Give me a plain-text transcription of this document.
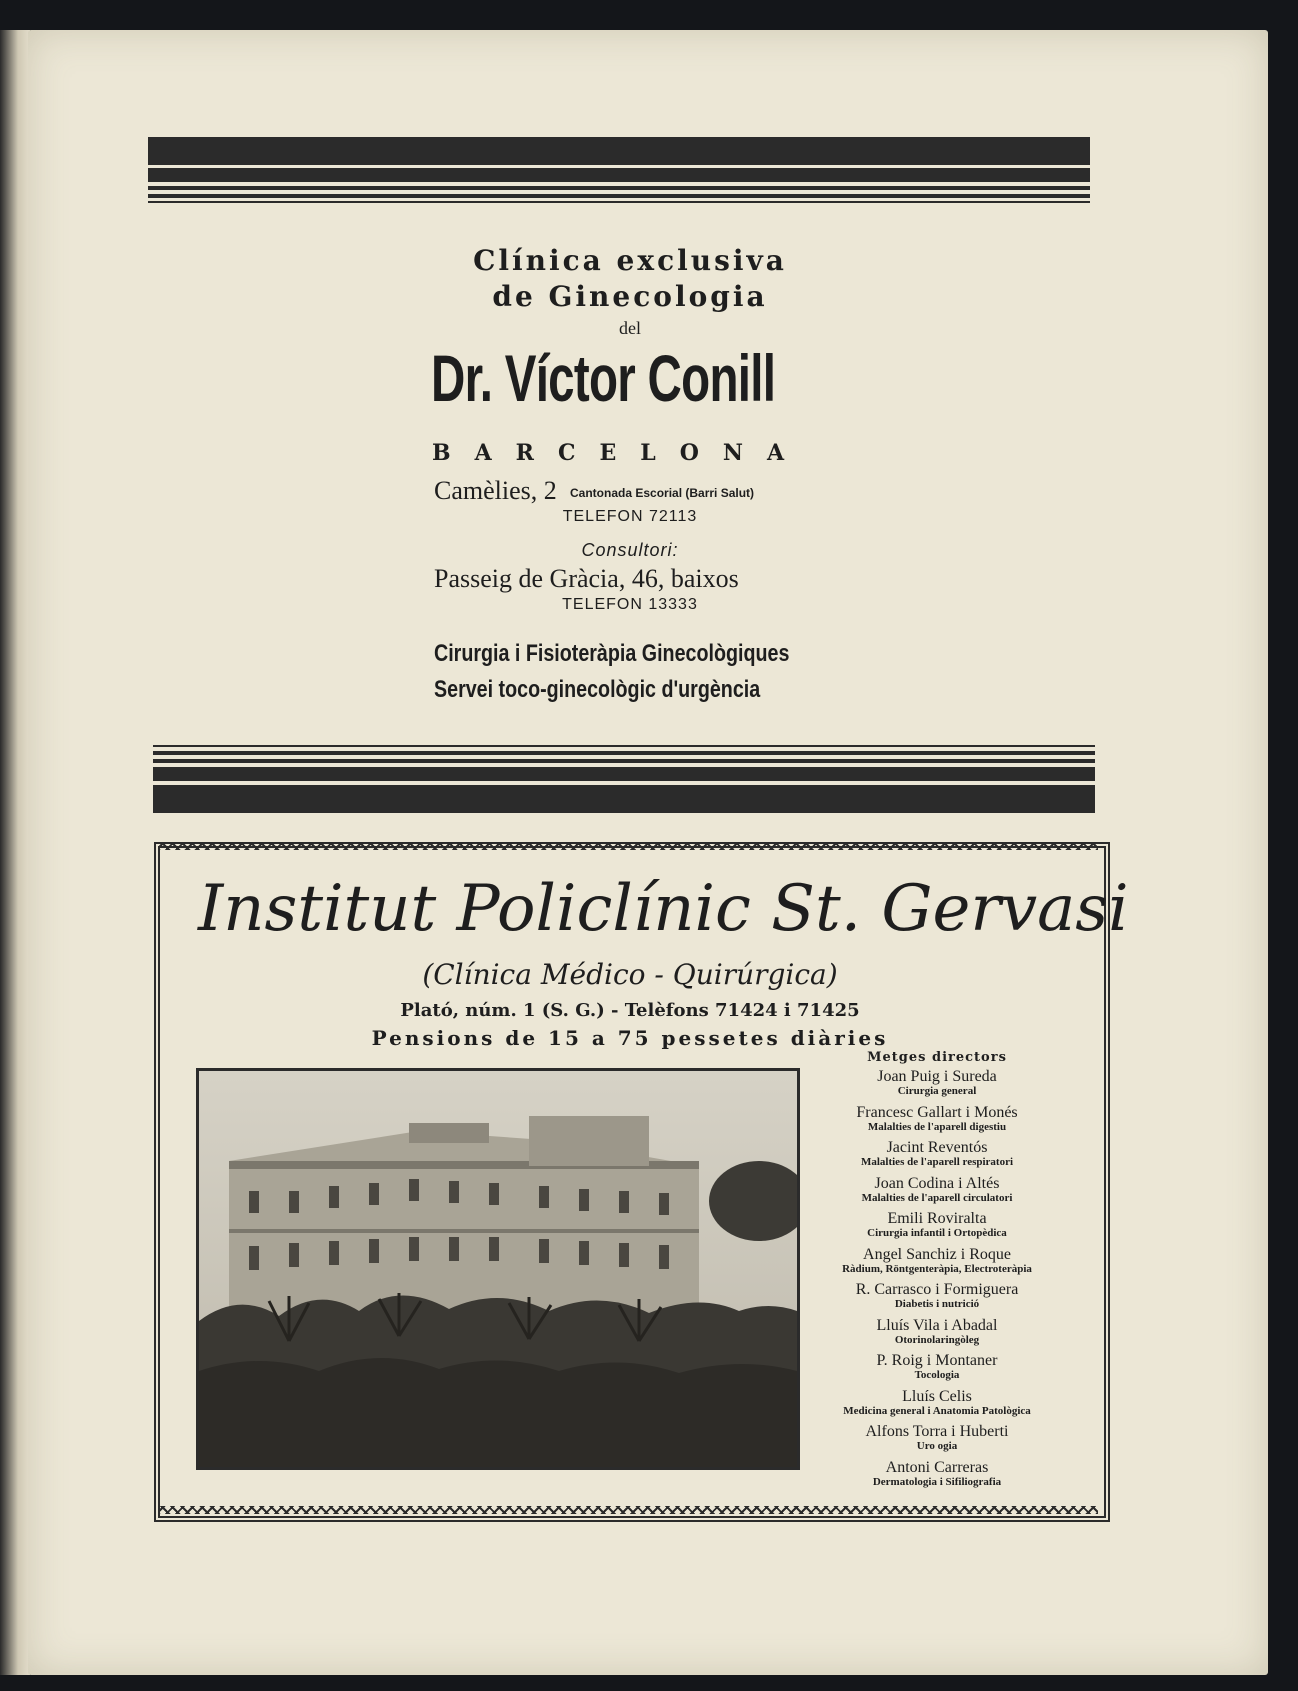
Clínica exclusiva
de Ginecologia
del
Dr. Víctor Conill
BARCELONA
Camèlies, 2 Cantonada Escorial (Barri Salut)
TELEFON 72113
Consultori:
Passeig de Gràcia, 46, baixos
TELEFON 13333
Cirurgia i Fisioteràpia Ginecològiques
Servei toco-ginecològic d'urgència
Institut Policlínic St. Gervasi
(Clínica Médico - Quirúrgica)
Plató, núm. 1 (S. G.) - Telèfons 71424 i 71425
Pensions de 15 a 75 pessetes diàries
Metges directors
Joan Puig i Sureda
Cirurgia general
Francesc Gallart i Monés
Malalties de l'aparell digestiu
Jacint Reventós
Malalties de l'aparell respiratori
Joan Codina i Altés
Malalties de l'aparell circulatori
Emili Roviralta
Cirurgia infantil i Ortopèdica
Angel Sanchiz i Roque
Ràdium, Röntgenteràpia, Electroteràpia
R. Carrasco i Formiguera
Diabetis i nutrició
Lluís Vila i Abadal
Otorinolaringòleg
P. Roig i Montaner
Tocologia
Lluís Celis
Medicina general i Anatomia Patològica
Alfons Torra i Huberti
Uro ogia
Antoni Carreras
Dermatologia i Sifiliografia
